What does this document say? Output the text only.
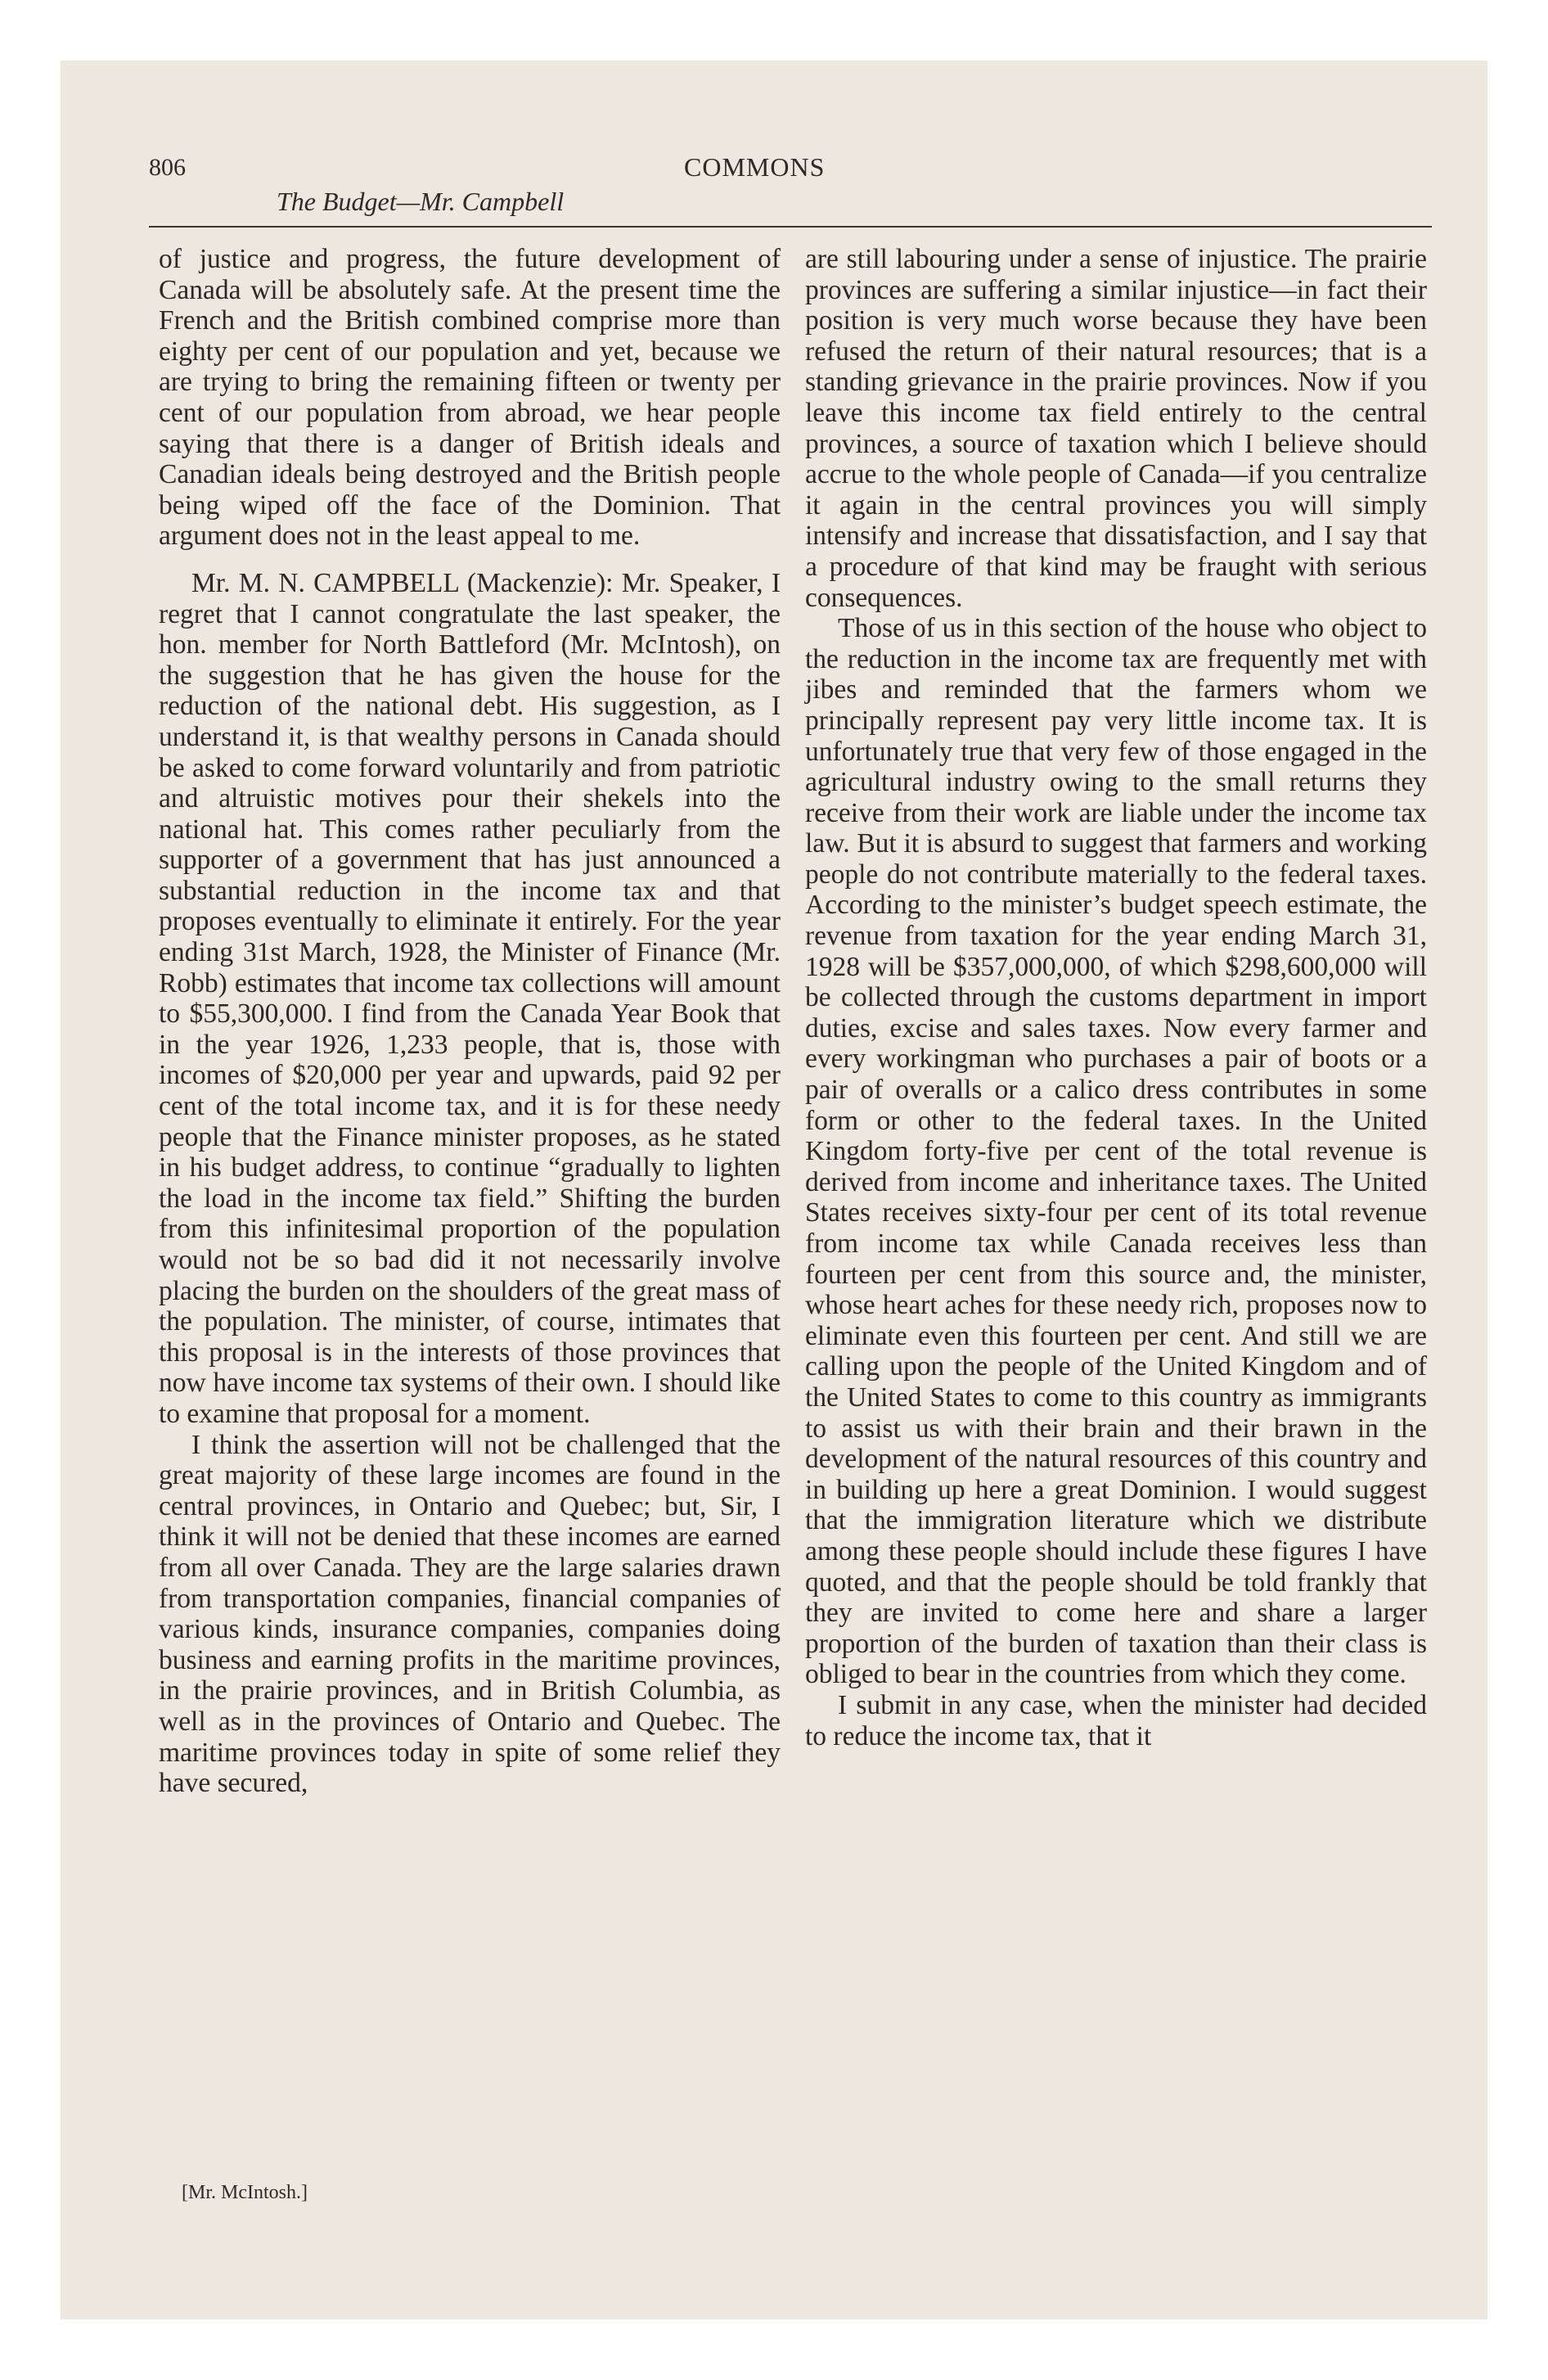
806	COMMONS
The Budget—Mr. Campbell

of justice and progress, the future development of Canada will be absolutely safe. At the present time the French and the British combined comprise more than eighty per cent of our population and yet, because we are trying to bring the remaining fifteen or twenty per cent of our population from abroad, we hear people saying that there is a danger of British ideals and Canadian ideals being destroyed and the British people being wiped off the face of the Dominion. That argument does not in the least appeal to me.

Mr. M. N. CAMPBELL (Mackenzie): Mr. Speaker, I regret that I cannot congratulate the last speaker, the hon. member for North Battleford (Mr. McIntosh), on the suggestion that he has given the house for the reduction of the national debt. His suggestion, as I understand it, is that wealthy persons in Canada should be asked to come forward voluntarily and from patriotic and altruistic motives pour their shekels into the national hat. This comes rather peculiarly from the supporter of a government that has just announced a substantial reduction in the income tax and that proposes eventually to eliminate it entirely. For the year ending 31st March, 1928, the Minister of Finance (Mr. Robb) estimates that income tax collections will amount to $55,300,000. I find from the Canada Year Book that in the year 1926, 1,233 people, that is, those with incomes of $20,000 per year and upwards, paid 92 per cent of the total income tax, and it is for these needy people that the Finance minister proposes, as he stated in his budget address, to continue “gradually to lighten the load in the income tax field.” Shifting the burden from this infinitesimal proportion of the population would not be so bad did it not necessarily involve placing the burden on the shoulders of the great mass of the population. The minister, of course, intimates that this proposal is in the interests of those provinces that now have income tax systems of their own. I should like to examine that proposal for a moment.

I think the assertion will not be challenged that the great majority of these large incomes are found in the central provinces, in Ontario and Quebec; but, Sir, I think it will not be denied that these incomes are earned from all over Canada. They are the large salaries drawn from transportation companies, financial companies of various kinds, insurance companies, companies doing business and earning profits in the maritime provinces, in the prairie provinces, and in British Columbia, as well as in the provinces of Ontario and Quebec. The maritime provinces today in spite of some relief they have secured,

are still labouring under a sense of injustice. The prairie provinces are suffering a similar injustice—in fact their position is very much worse because they have been refused the return of their natural resources; that is a standing grievance in the prairie provinces. Now if you leave this income tax field entirely to the central provinces, a source of taxation which I believe should accrue to the whole people of Canada—if you centralize it again in the central provinces you will simply intensify and increase that dissatisfaction, and I say that a procedure of that kind may be fraught with serious consequences.

Those of us in this section of the house who object to the reduction in the income tax are frequently met with jibes and reminded that the farmers whom we principally represent pay very little income tax. It is unfortunately true that very few of those engaged in the agricultural industry owing to the small returns they receive from their work are liable under the income tax law. But it is absurd to suggest that farmers and working people do not contribute materially to the federal taxes. According to the minister’s budget speech estimate, the revenue from taxation for the year ending March 31, 1928 will be $357,000,000, of which $298,600,000 will be collected through the customs department in import duties, excise and sales taxes. Now every farmer and every workingman who purchases a pair of boots or a pair of overalls or a calico dress contributes in some form or other to the federal taxes. In the United Kingdom forty-five per cent of the total revenue is derived from income and inheritance taxes. The United States receives sixty-four per cent of its total revenue from income tax while Canada receives less than fourteen per cent from this source and, the minister, whose heart aches for these needy rich, proposes now to eliminate even this fourteen per cent. And still we are calling upon the people of the United Kingdom and of the United States to come to this country as immigrants to assist us with their brain and their brawn in the development of the natural resources of this country and in building up here a great Dominion. I would suggest that the immigration literature which we distribute among these people should include these figures I have quoted, and that the people should be told frankly that they are invited to come here and share a larger proportion of the burden of taxation than their class is obliged to bear in the countries from which they come.

I submit in any case, when the minister had decided to reduce the income tax, that it

[Mr. McIntosh.]
